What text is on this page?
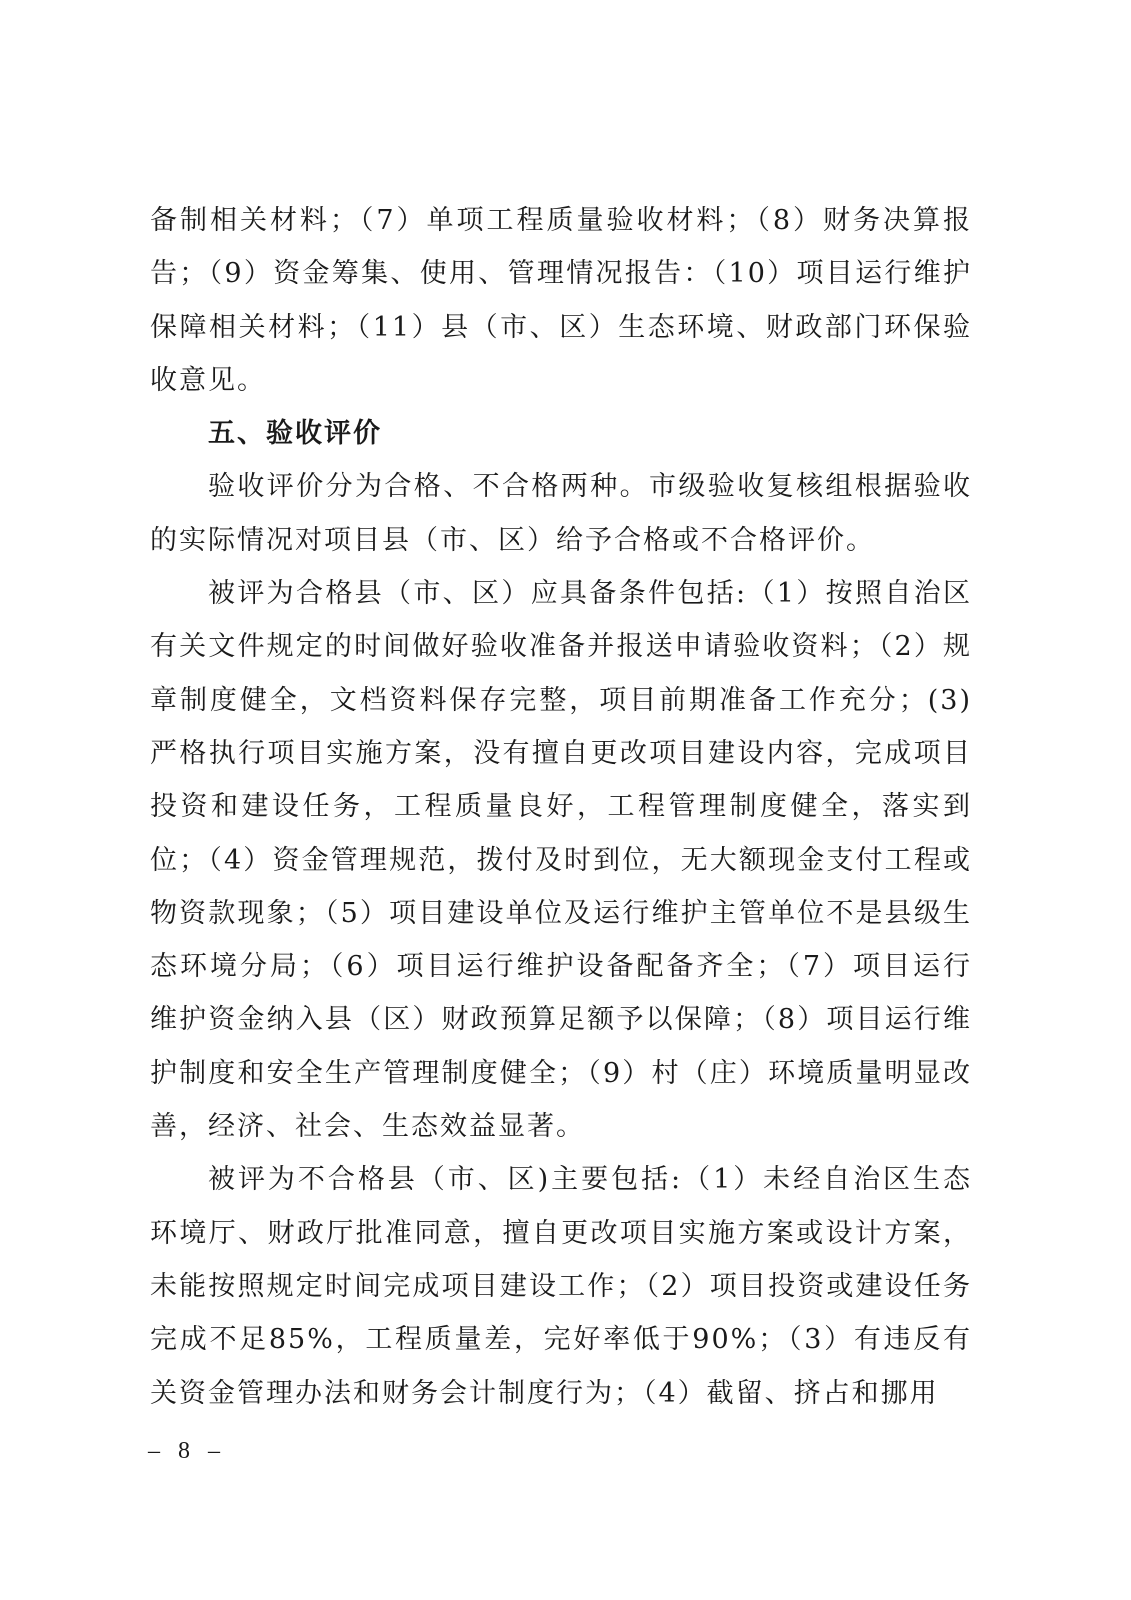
备制相关材料；（7）单项工程质量验收材料；（8）财务决算报告；（9）资金筹集、使用、管理情况报告：（10）项目运行维护保障相关材料；（11）县（市、区）生态环境、财政部门环保验收意见。

五、验收评价

验收评价分为合格、不合格两种。市级验收复核组根据验收的实际情况对项目县（市、区）给予合格或不合格评价。

被评为合格县（市、区）应具备条件包括:（1）按照自治区有关文件规定的时间做好验收准备并报送申请验收资料；（2）规章制度健全，文档资料保存完整，项目前期准备工作充分；(3)严格执行项目实施方案，没有擅自更改项目建设内容，完成项目投资和建设任务，工程质量良好，工程管理制度健全，落实到位；（4）资金管理规范，拨付及时到位，无大额现金支付工程或物资款现象；（5）项目建设单位及运行维护主管单位不是县级生态环境分局；（6）项目运行维护设备配备齐全；（7）项目运行维护资金纳入县（区）财政预算足额予以保障；（8）项目运行维护制度和安全生产管理制度健全；（9）村（庄）环境质量明显改善，经济、社会、生态效益显著。

被评为不合格县（市、区)主要包括:（1）未经自治区生态环境厅、财政厅批准同意，擅自更改项目实施方案或设计方案，未能按照规定时间完成项目建设工作；（2）项目投资或建设任务完成不足85%，工程质量差，完好率低于90%；（3）有违反有关资金管理办法和财务会计制度行为；（4）截留、挤占和挪用

– 8 –
